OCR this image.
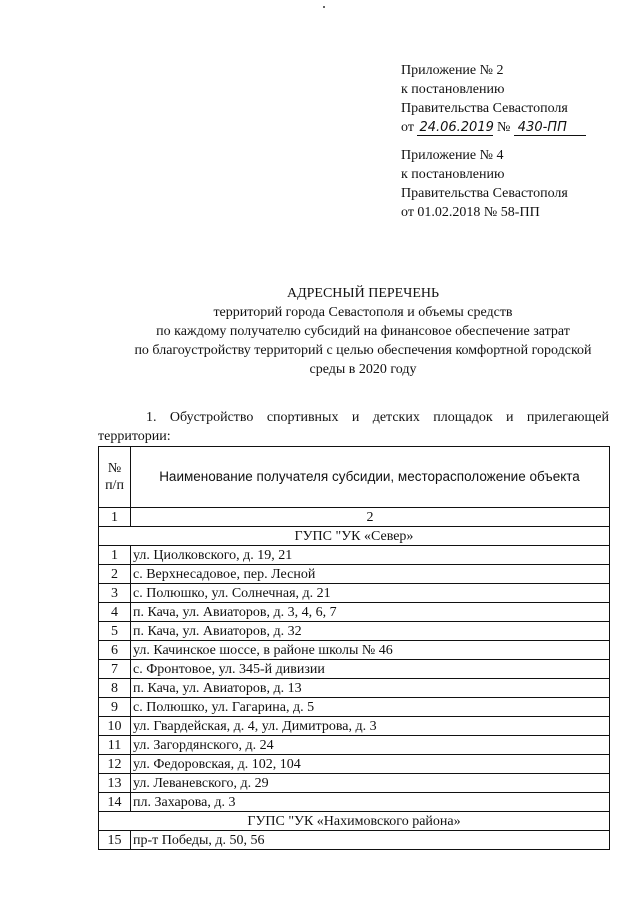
Приложение № 2
к постановлению
Правительства Севастополя
от 24.06.2019 № 430-ПП
Приложение № 4
к постановлению
Правительства Севастополя
от 01.02.2018 № 58-ПП
АДРЕСНЫЙ ПЕРЕЧЕНЬ
территорий города Севастополя и объемы средств
по каждому получателю субсидий на финансовое обеспечение затрат
по благоустройству территорий с целью обеспечения комфортной городской
среды в 2020 году
1. Обустройство спортивных и детских площадок и прилегающей
территории:
№
п/п	Наименование получателя субсидии, месторасположение объекта
1	2
ГУПС "УК «Север»	
1	ул. Циолковского, д. 19, 21
2	с. Верхнесадовое, пер. Лесной
3	с. Полюшко, ул. Солнечная, д. 21
4	п. Кача, ул. Авиаторов, д. 3, 4, 6, 7
5	п. Кача, ул. Авиаторов, д. 32
6	ул. Качинское шоссе, в районе школы № 46
7	с. Фронтовое, ул. 345-й дивизии
8	п. Кача, ул. Авиаторов, д. 13
9	с. Полюшко, ул. Гагарина, д. 5
10	ул. Гвардейская, д. 4, ул. Димитрова, д. 3
11	ул. Загордянского, д. 24
12	ул. Федоровская, д. 102, 104
13	ул. Леваневского, д. 29
14	пл. Захарова, д. 3
ГУПС "УК «Нахимовского района»	
15	пр-т Победы, д. 50, 56
